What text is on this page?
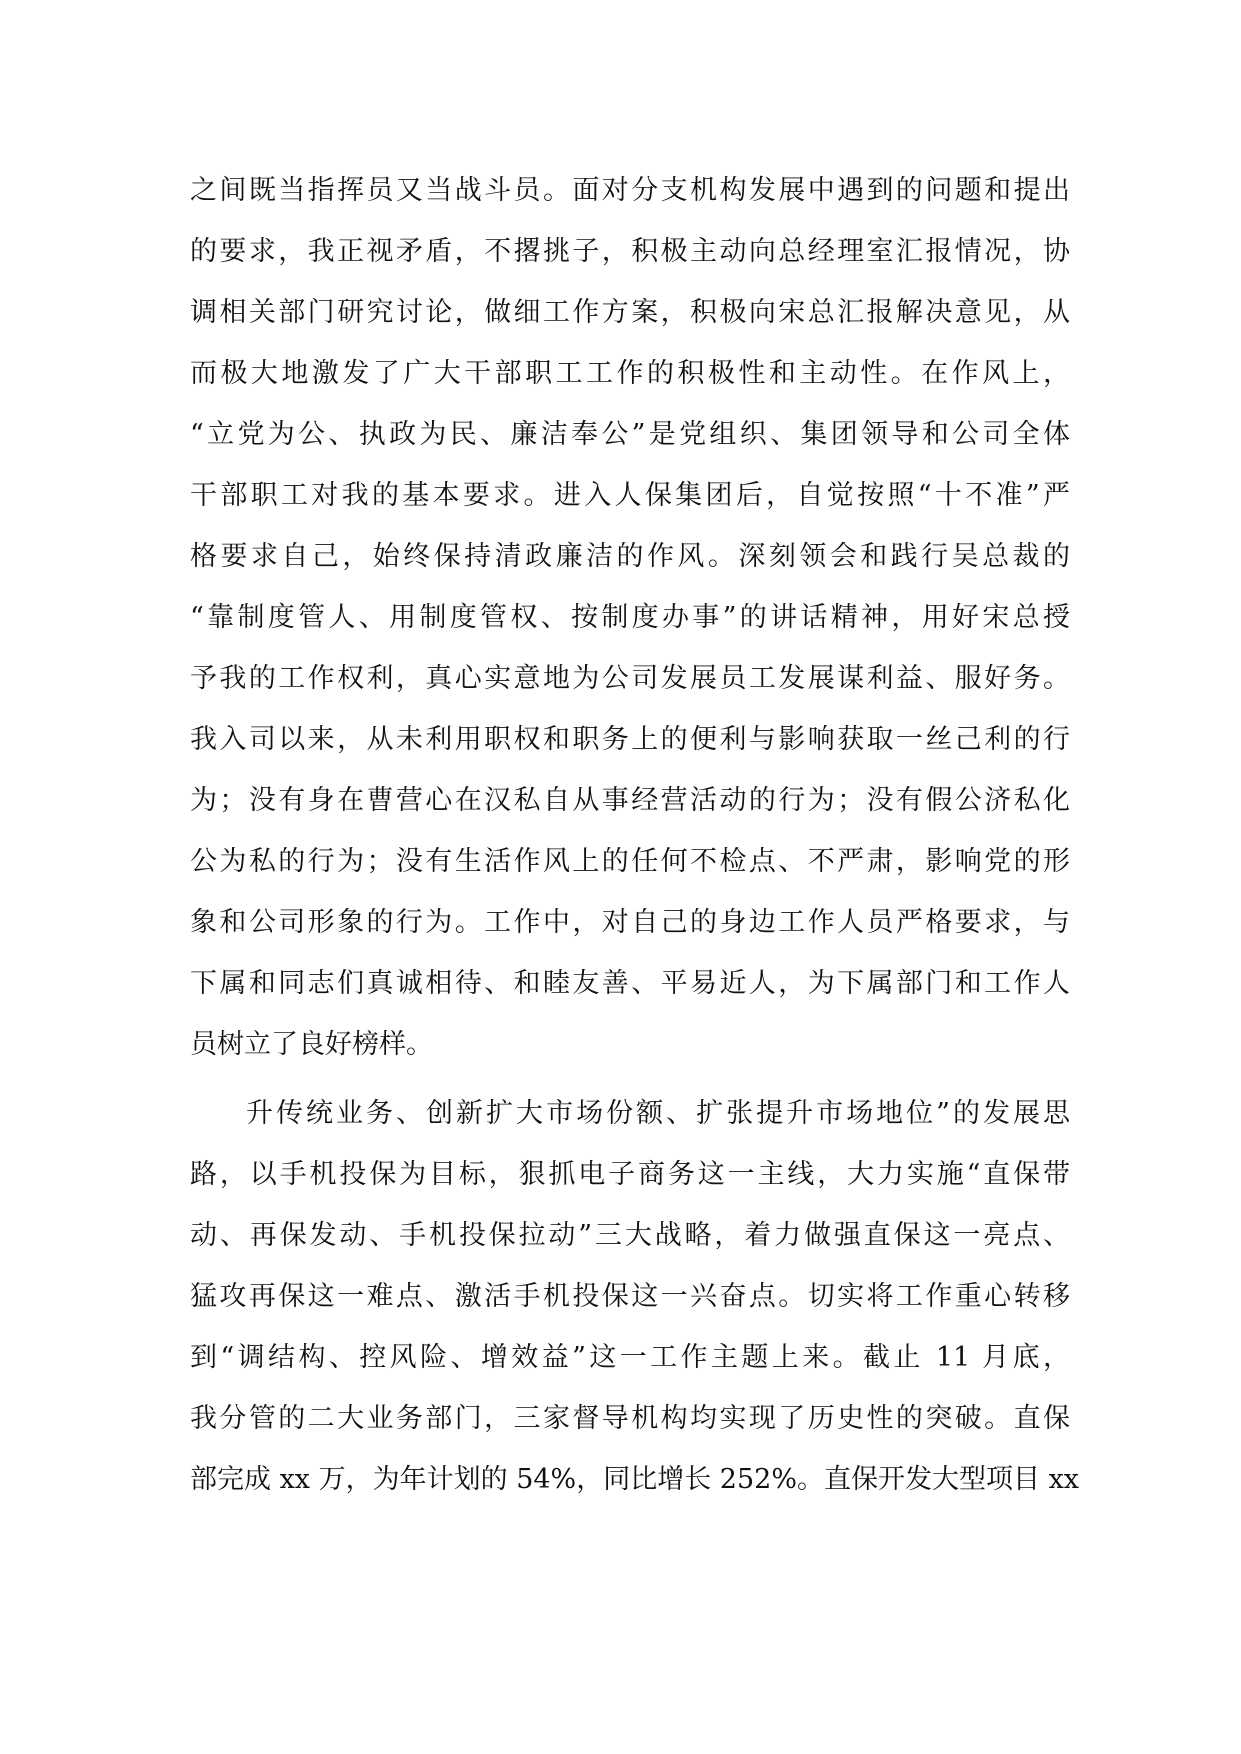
之间既当指挥员又当战斗员。面对分支机构发展中遇到的问题和提出
的要求，我正视矛盾，不撂挑子，积极主动向总经理室汇报情况，协
调相关部门研究讨论，做细工作方案，积极向宋总汇报解决意见，从
而极大地激发了广大干部职工工作的积极性和主动性。在作风上，
“立党为公、执政为民、廉洁奉公”是党组织、集团领导和公司全体
干部职工对我的基本要求。进入人保集团后，自觉按照“十不准”严
格要求自己，始终保持清政廉洁的作风。深刻领会和践行吴总裁的
“靠制度管人、用制度管权、按制度办事”的讲话精神，用好宋总授
予我的工作权利，真心实意地为公司发展员工发展谋利益、服好务。
我入司以来，从未利用职权和职务上的便利与影响获取一丝己利的行
为；没有身在曹营心在汉私自从事经营活动的行为；没有假公济私化
公为私的行为；没有生活作风上的任何不检点、不严肃，影响党的形
象和公司形象的行为。工作中，对自己的身边工作人员严格要求，与
下属和同志们真诚相待、和睦友善、平易近人，为下属部门和工作人
员树立了良好榜样。
升传统业务、创新扩大市场份额、扩张提升市场地位”的发展思
路，以手机投保为目标，狠抓电子商务这一主线，大力实施“直保带
动、再保发动、手机投保拉动”三大战略，着力做强直保这一亮点、
猛攻再保这一难点、激活手机投保这一兴奋点。切实将工作重心转移
到“调结构、控风险、增效益”这一工作主题上来。截止 11 月底，
我分管的二大业务部门，三家督导机构均实现了历史性的突破。直保
部完成 xx 万，为年计划的 54%，同比增长 252%。直保开发大型项目 xx
